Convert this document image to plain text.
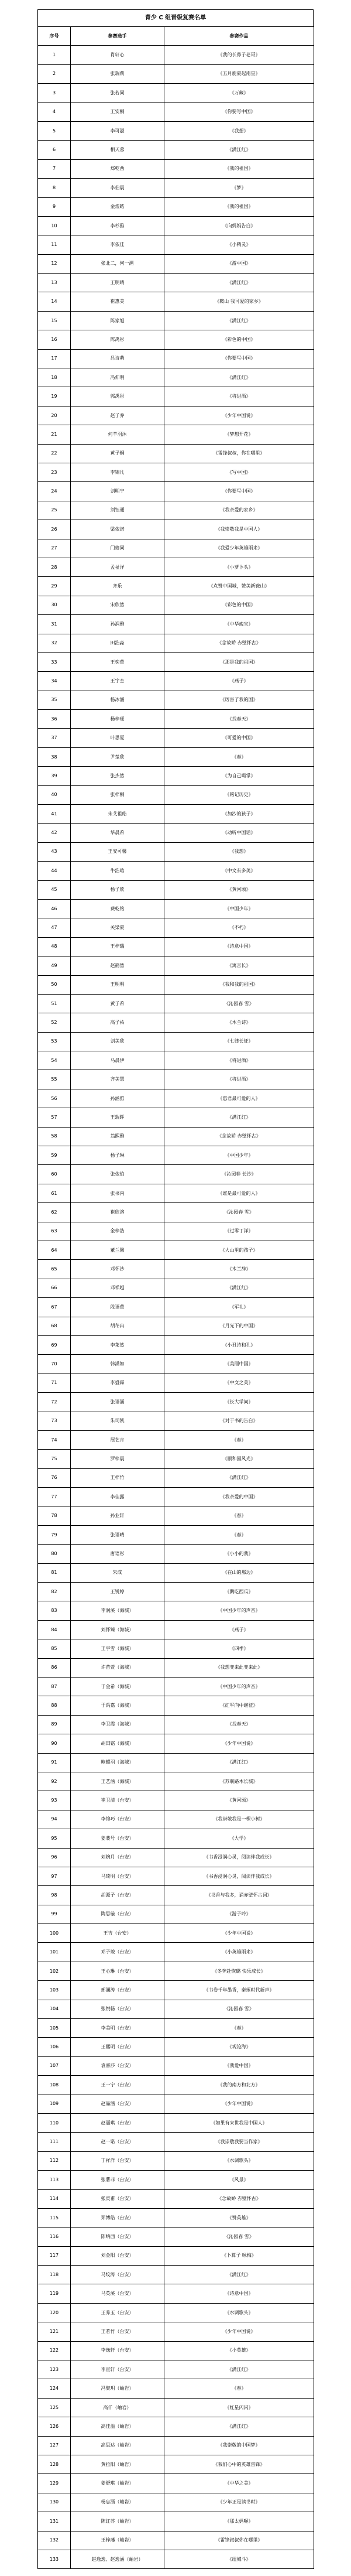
青少 C 组晋级复赛名单
序号	参赛选手	参赛作品
1	肖轩心	《我的长鼻子老哥》
2	张瑞莉	《五月鹿豪起南星》
3	张若同	《万藏》
4	王安桐	《你要写中国》
5	李可淑	《我想》
6	相天蓉	《满江红》
7	郑乾西	《我的祖国》
8	李伯晨	《梦》
9	金煜皓	《我的祖国》
10	李杉雅	《向妈妈告白》
11	李依佳	《小精灵》
12	张北二，何一溯	《游中国》
13	王明晴	《满江红》
14	崔惠美	《鞍山 我可爱的家乡》
15	陈家旭	《满江红》
16	陈禹彤	《彩色的中国》
17	吕诗萌	《你要写中国》
18	冯仰明	《满江红》
19	郭禹彤	《将进酒》
20	赵子乔	《少年中国说》
21	何羊羽沐	《梦想开花》
22	黄子桐	《雷锋叔叔，你在哪里》
23	李锦凡	《写中国》
24	刘明宁	《你要写中国》
25	刘钰通	《我亲爱的家乡》
26	梁依诺	《我崇敬我是中国人》
27	门珈同	《我爱少年英雄雨来》
28	孟祉洋	《小萝卜头》
29	齐乐	《点赞中国城，赞美新鞍山》
30	宋欣然	《彩色的中国》
31	孙润雅	《中华魂宝》
32	田浩淼	《念故娇 赤壁怀古》
33	王奕萱	《那是我的祖国》
34	王宇杰	《燕子》
35	杨冰涵	《厉害了我的国》
36	杨梓瑶	《找春天》
37	叶思夏	《可爱的中国》
38	尹楚欣	《春》
39	张杰然	《为自己喝掌》
40	张梓桐	《铭记历史》
41	朱艾祖皓	《加沙的孩子》
42	华晨希	《动听中国话》
43	王安可馨	《我想》
44	牛浩晗	《中文有多美》
45	杨子欣	《黄河颂》
46	费乾铭	《中国少年》
47	关梁豪	《不朽》
48	王梓瑞	《诗意中国》
49	赵鹤然	《寓言长》
50	王明明	《我和我的祖国》
51	黄子希	《沁园春 雪》
52	高子祐	《木兰诗》
53	刘美欣	《七律长征》
54	马晨伊	《将进酒》
55	齐美慧	《将进酒》
56	孙涵雅	《惠君最可爱的人》
57	王瑞晖	《满江红》
58	翁熙雅	《念故娇 赤壁怀古》
59	杨子琳	《中国少年》
60	张依伯	《沁园春 长沙》
61	张书内	《谁是最可爱的人》
62	崔欣溶	《沁园春 雪》
63	金梓浩	《过零丁洋》
64	董兰馨	《大山里的孩子》
65	邓怀沙	《木兰辞》
66	邓祥越	《满江红》
67	段语萱	《军礼》
68	胡冬冉	《月光下的中国》
69	李莱然	《小丑诗和孔》
70	韩潇如	《美丽中国》
71	李盛霖	《中文之美》
72	张语涵	《长大学问》
73	朱司凯	《对于书的告白》
74	展艺卉	《春》
75	罗梓晨	《颐和园风光》
76	王梓竹	《满江红》
77	李佳露	《我亲爱的中国》
78	孙业轩	《春》
79	张语晴	《春》
80	唐语彤	《小小的我》
81	朱成	《在山的那边》
82	王锐婷	《鹅吃西瓜》
83	李润溪（海城）	《中国少年的声音》
84	刘怀臻（海城）	《燕子》
85	王宇雪（海城）	《四季》
86	许苗萱（海城）	《我想变来此变来此》
87	于金希（海城）	《中国少年的声音》
88	于禹嘉（海城）	《红军向中继征》
89	李卫霞（海城）	《找春天》
90	胡田铭（海城）	《少年中国说》
91	鲍耀羽（海城）	《满江红》
92	王艺涵（海城）	《苏联路木长城》
93	崔卫清（台安）	《黄河颂》
94	李锦巧（台安）	《我崇敬我是一棵小树》
95	姜裴号（台安）	《大学》
96	刘婉月（台安）	《书香浸润心灵，阅读伴我成长》
97	马琦明（台安）	《书香浸润心灵，阅读伴我成长》
98	胡源子（台安）	《书香与我多，诵赤壁怀古词》
99	陶思璇（台安）	《游子吟》
100	王吉（台安）	《少年中国说》
101	邓子竣（台安）	《小英雄雨来》
102	王心琳（台安）	《冬奔赴恢璐 快乐成长》
103	邢澜涛（台安）	《书卷千年墨香，秦琢时代新声》
104	张悦畅（台安）	《沁园春 雪》
105	李美明（台安）	《春》
106	王熙明（台安）	《观沧海》
107	袁睿莎（台安）	《我爱中国》
108	王一宁（台安）	《我的南方和北方》
109	赵品涵（台安）	《少年中国说》
110	赵丽琪（台安）	《如果有来世我是中国人》
111	赵一诺（台安）	《我崇敬我要当作家》
112	丁祥洋（台安）	《水调歌头》
113	张薯菲（台安）	《风景》
114	张庚甫（台安）	《念故娇 赤壁怀古》
115	郑博皓（台安）	《赞英雄》
116	陈纳西（台安）	《沁园春 雪》
117	刘金阳（台安）	《卜算子 咏梅》
118	马纹涛（台安）	《满江红》
119	马英溪（台安）	《诗意中国》
120	王养玉（台安）	《水调歌头》
121	王若竹（台安）	《少年中国说》
122	李逸轩（台安）	《小英雄》
123	李宣轩（台安）	《满江红》
124	冯聚玥（岫岩）	《春》
125	高仟（岫岩）	《红星闪闪》
126	高佳溢（岫岩）	《满江红》
127	高思达（岫岩）	《我崇敬的中国梦》
128	黄拉阳（岫岩）	《我们心中的英雄雷锋》
129	姜舒琪（岫岩）	《中华之美》
130	杨忘涵（岫岩）	《少年正是读书时》
131	陈红苏（岫岩）	《那太妈喔》
132	王梓藩（岫岩）	《雷锋叔叔你在哪里》
133	赵逸逸、赵逸涵（岫岩）	《纽城斗》
